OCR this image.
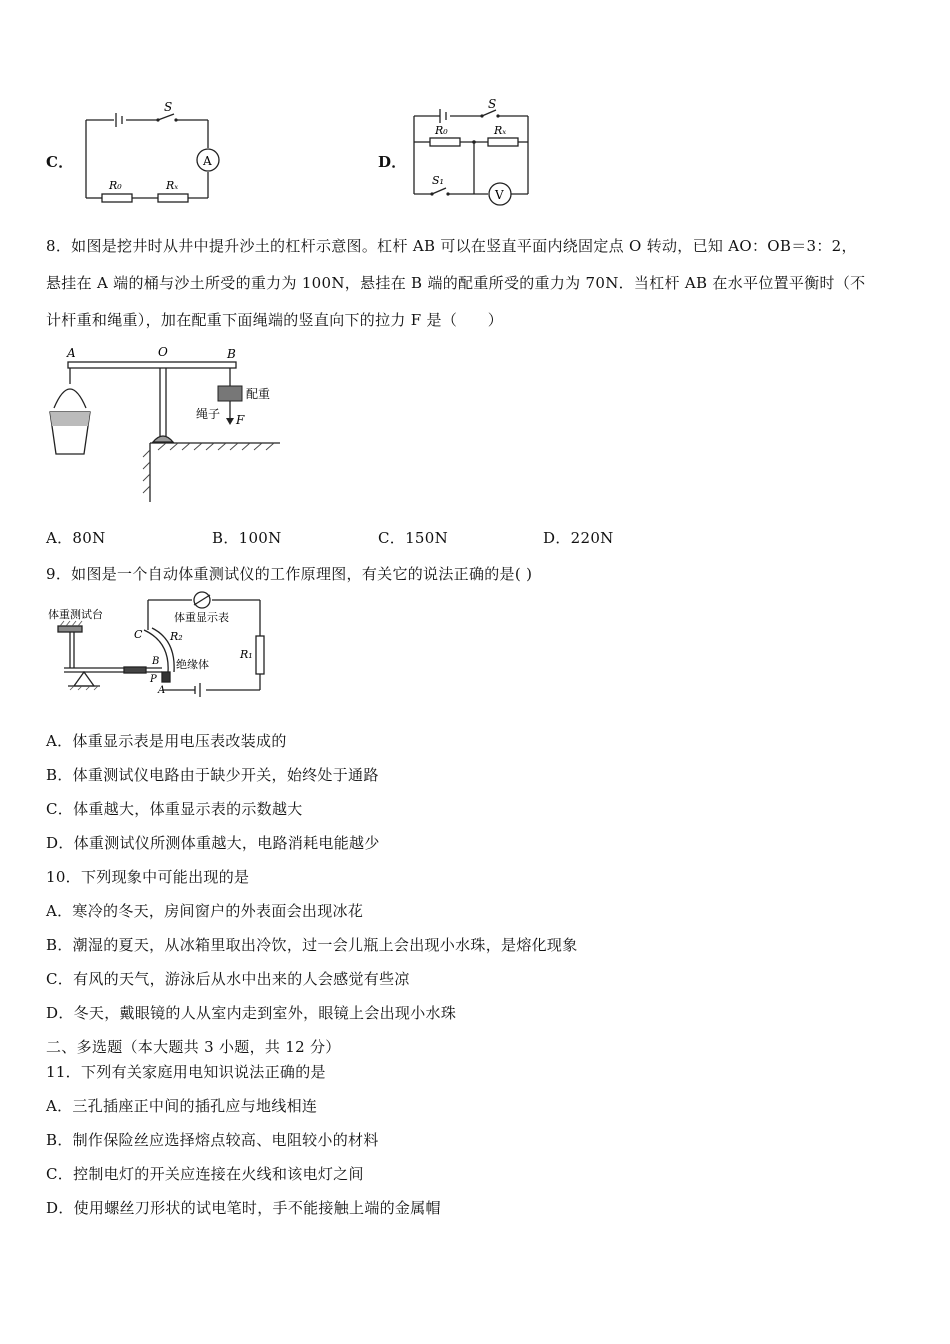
C．
S
A
R₀	Rₓ
D．
S
R₀	Rₓ
S₁
V
8．如图是挖井时从井中提升沙土的杠杆示意图。杠杆 AB 可以在竖直平面内绕固定点 O 转动，已知 AO：OB＝3：2，
悬挂在 A 端的桶与沙土所受的重力为 100N，悬挂在 B 端的配重所受的重力为 70N．当杠杆 AB 在水平位置平衡时（不
计杆重和绳重），加在配重下面绳端的竖直向下的拉力 F 是（　　）
A	O	B
配重
绳子 F
A．80N	B．100N	C．150N	D．220N
9．如图是一个自动体重测试仪的工作原理图，有关它的说法正确的是( )
体重测试台	体重显示表
R₂
R₁
绝缘体
C
B
P
A
A．体重显示表是用电压表改装成的
B．体重测试仪电路由于缺少开关，始终处于通路
C．体重越大，体重显示表的示数越大
D．体重测试仪所测体重越大，电路消耗电能越少
10．下列现象中可能出现的是
A．寒冷的冬天，房间窗户的外表面会出现冰花
B．潮湿的夏天，从冰箱里取出冷饮，过一会儿瓶上会出现小水珠，是熔化现象
C．有风的天气，游泳后从水中出来的人会感觉有些凉
D．冬天，戴眼镜的人从室内走到室外，眼镜上会出现小水珠
二、多选题（本大题共 3 小题，共 12 分）
11．下列有关家庭用电知识说法正确的是
A．三孔插座正中间的插孔应与地线相连
B．制作保险丝应选择熔点较高、电阻较小的材料
C．控制电灯的开关应连接在火线和该电灯之间
D．使用螺丝刀形状的试电笔时，手不能接触上端的金属帽
